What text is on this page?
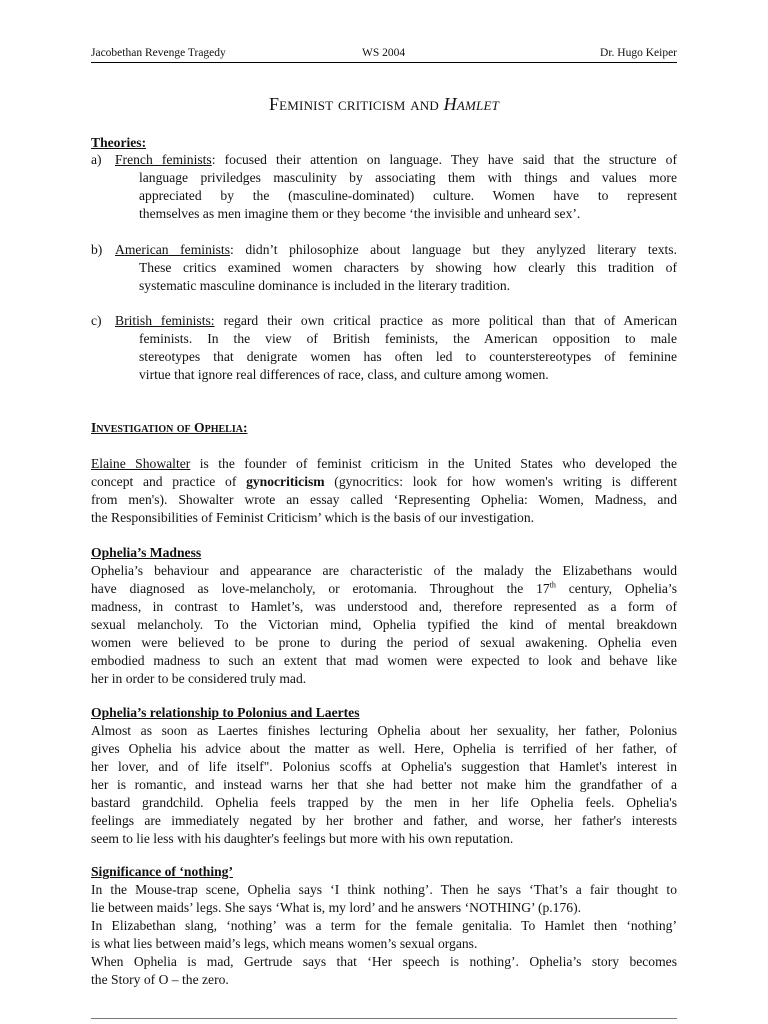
Jacobethan Revenge Tragedy	WS 2004	Dr. Hugo Keiper
Feminist criticism and Hamlet
Theories:
a) French feminists: focused their attention on language. They have said that the structure of
language priviledges masculinity by associating them with things and values more
appreciated by the (masculine-dominated) culture. Women have to represent
themselves as men imagine them or they become ‘the invisible and unheard sex’.
b) American feminists: didn’t philosophize about language but they anylyzed literary texts.
These critics examined women characters by showing how clearly this tradition of
systematic masculine dominance is included in the literary tradition.
c) British feminists: regard their own critical practice as more political than that of American
feminists. In the view of British feminists, the American opposition to male
stereotypes that denigrate women has often led to counterstereotypes of feminine
virtue that ignore real differences of race, class, and culture among women.
Investigation of Ophelia:
Elaine Showalter is the founder of feminist criticism in the United States who developed the
concept and practice of gynocriticism (gynocritics: look for how women's writing is different
from men's). Showalter wrote an essay called ‘Representing Ophelia: Women, Madness, and
the Responsibilities of Feminist Criticism’ which is the basis of our investigation.
Ophelia’s Madness
Ophelia’s behaviour and appearance are characteristic of the malady the Elizabethans would
have diagnosed as love-melancholy, or erotomania. Throughout the 17th century, Ophelia’s
madness, in contrast to Hamlet’s, was understood and, therefore represented as a form of
sexual melancholy. To the Victorian mind, Ophelia typified the kind of mental breakdown
women were believed to be prone to during the period of sexual awakening. Ophelia even
embodied madness to such an extent that mad women were expected to look and behave like
her in order to be considered truly mad.
Ophelia’s relationship to Polonius and Laertes
Almost as soon as Laertes finishes lecturing Ophelia about her sexuality, her father, Polonius
gives Ophelia his advice about the matter as well. Here, Ophelia is terrified of her father, of
her lover, and of life itself". Polonius scoffs at Ophelia's suggestion that Hamlet's interest in
her is romantic, and instead warns her that she had better not make him the grandfather of a
bastard grandchild. Ophelia feels trapped by the men in her life Ophelia feels. Ophelia's
feelings are immediately negated by her brother and father, and worse, her father's interests
seem to lie less with his daughter's feelings but more with his own reputation.
Significance of ‘nothing’
In the Mouse-trap scene, Ophelia says ‘I think nothing’. Then he says ‘That’s a fair thought to
lie between maids’ legs. She says ‘What is, my lord’ and he answers ‘NOTHING’ (p.176).
In Elizabethan slang, ‘nothing’ was a term for the female genitalia. To Hamlet then ‘nothing’
is what lies between maid’s legs, which means women’s sexual organs.
When Ophelia is mad, Gertrude says that ‘Her speech is nothing’. Ophelia’s story becomes
the Story of O – the zero.
